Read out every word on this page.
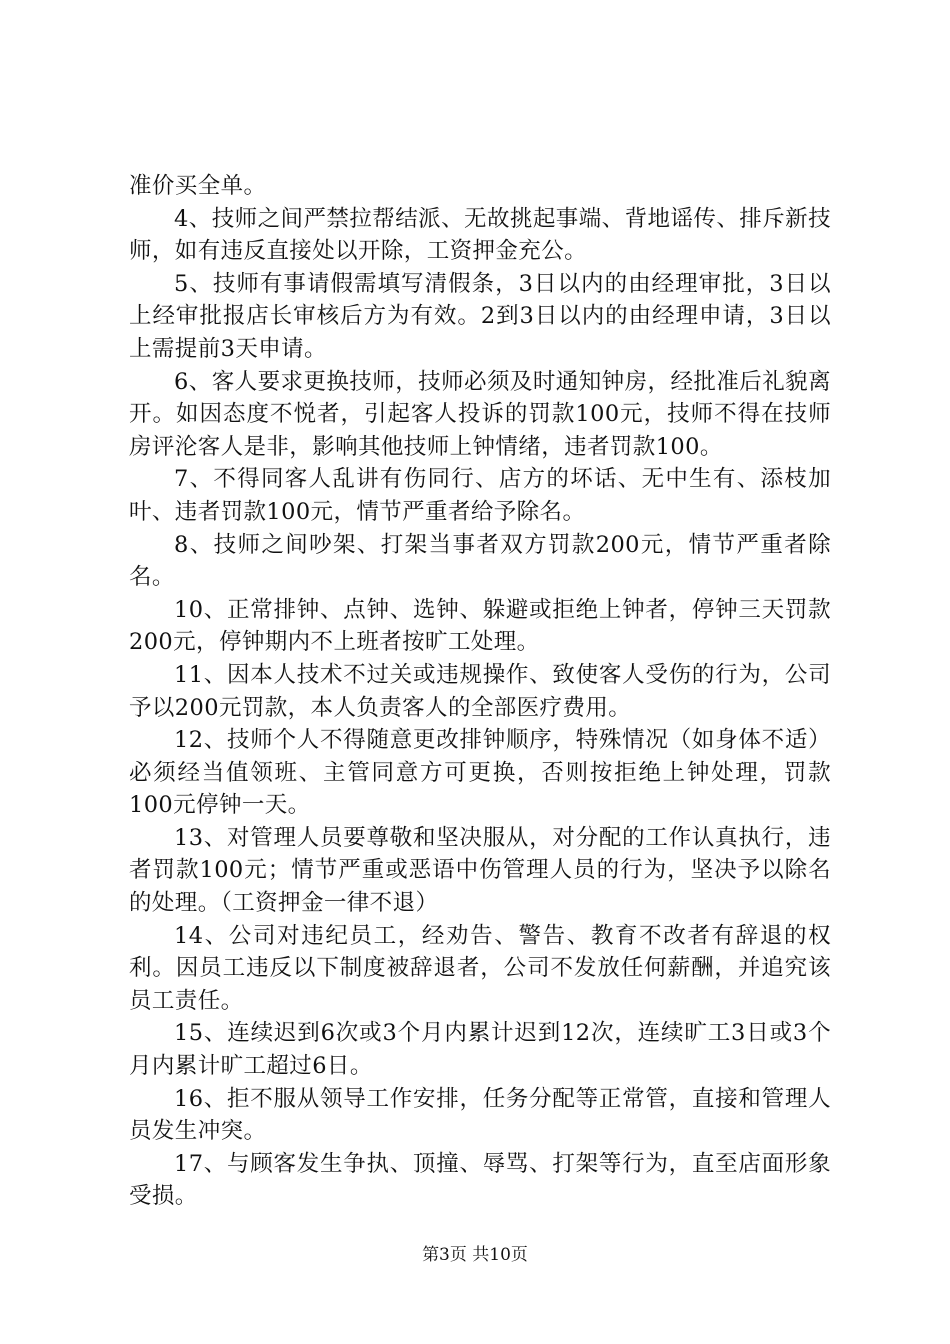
准价买全单。

4、技师之间严禁拉帮结派、无故挑起事端、背地谣传、排斥新技师，如有违反直接处以开除，工资押金充公。

5、技师有事请假需填写清假条，3日以内的由经理审批，3日以上经审批报店长审核后方为有效。2到3日以内的由经理申请，3日以上需提前3天申请。

6、客人要求更换技师，技师必须及时通知钟房，经批准后礼貌离开。如因态度不悦者，引起客人投诉的罚款100元，技师不得在技师房评沦客人是非，影响其他技师上钟情绪，违者罚款100。

7、不得同客人乱讲有伤同行、店方的坏话、无中生有、添枝加叶、违者罚款100元，情节严重者给予除名。

8、技师之间吵架、打架当事者双方罚款200元，情节严重者除名。

10、正常排钟、点钟、选钟、躲避或拒绝上钟者，停钟三天罚款200元，停钟期内不上班者按旷工处理。

11、因本人技术不过关或违规操作、致使客人受伤的行为，公司予以200元罚款，本人负责客人的全部医疗费用。

12、技师个人不得随意更改排钟顺序，特殊情况（如身体不适）必须经当值领班、主管同意方可更换，否则按拒绝上钟处理，罚款100元停钟一天。

13、对管理人员要尊敬和坚决服从，对分配的工作认真执行，违者罚款100元；情节严重或恶语中伤管理人员的行为，坚决予以除名的处理。（工资押金一律不退）

14、公司对违纪员工，经劝告、警告、教育不改者有辞退的权利。因员工违反以下制度被辞退者，公司不发放任何薪酬，并追究该员工责任。

15、连续迟到6次或3个月内累计迟到12次，连续旷工3日或3个月内累计旷工超过6日。

16、拒不服从领导工作安排，任务分配等正常管，直接和管理人员发生冲突。

17、与顾客发生争执、顶撞、辱骂、打架等行为，直至店面形象受损。

第3页 共10页
